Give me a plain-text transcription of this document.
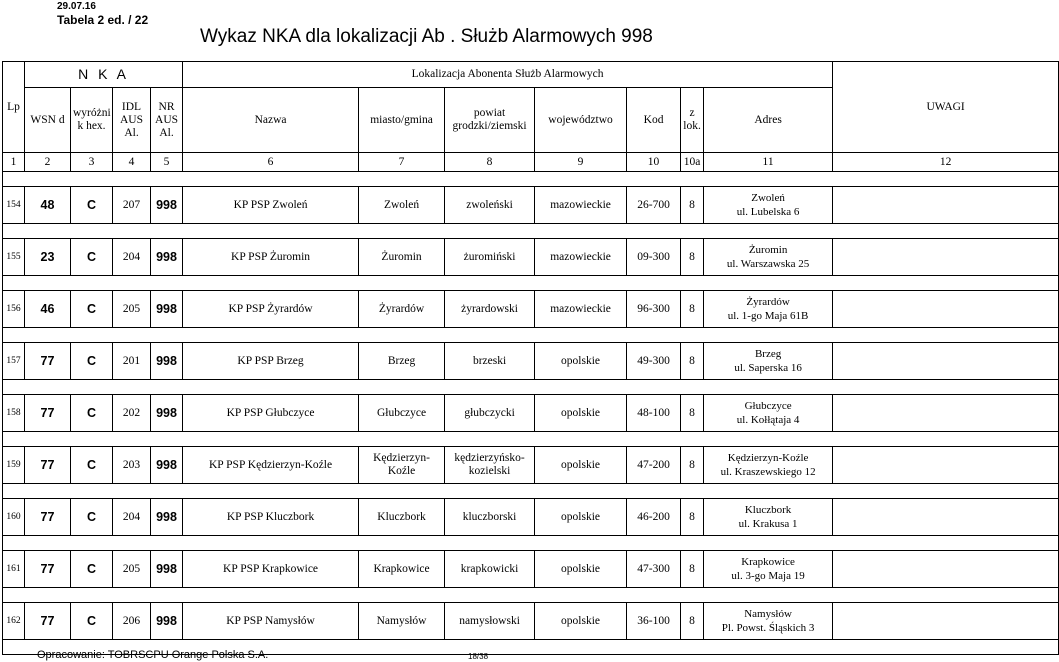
29.07.16
Tabela 2 ed. / 22
Wykaz NKA dla lokalizacji Ab . Służb Alarmowych 998
Lp	N K A				Lokalizacja Abonenta Służb Alarmowych							UWAGI
	WSN d	wyróżni k hex.	IDL AUS Al.	NR AUS Al.	Nazwa	miasto/gmina	powiat grodzki/ziemski	województwo	Kod	z lok.	Adres	
1	2	3	4	5	6	7	8	9	10	10a	11	12

154	48	C	207	998	KP PSP Zwoleń	Zwoleń	zwoleński	mazowieckie	26-700	8	Zwoleń
ul. Lubelska 6	

155	23	C	204	998	KP PSP Żuromin	Żuromin	żuromiński	mazowieckie	09-300	8	Żuromin
ul. Warszawska 25	

156	46	C	205	998	KP PSP Żyrardów	Żyrardów	żyrardowski	mazowieckie	96-300	8	Żyrardów
ul. 1-go Maja 61B	

157	77	C	201	998	KP PSP Brzeg	Brzeg	brzeski	opolskie	49-300	8	Brzeg
ul. Saperska 16	

158	77	C	202	998	KP PSP Głubczyce	Głubczyce	głubczycki	opolskie	48-100	8	Głubczyce
ul. Kołłątaja 4	

159	77	C	203	998	KP PSP Kędzierzyn-Koźle	Kędzierzyn-Koźle	kędzierzyńsko-kozielski	opolskie	47-200	8	Kędzierzyn-Koźle
ul. Kraszewskiego 12	

160	77	C	204	998	KP PSP Kluczbork	Kluczbork	kluczborski	opolskie	46-200	8	Kluczbork
ul. Krakusa 1	

161	77	C	205	998	KP PSP Krapkowice	Krapkowice	krapkowicki	opolskie	47-300	8	Krapkowice
ul. 3-go Maja 19	

162	77	C	206	998	KP PSP Namysłów	Namysłów	namysłowski	opolskie	36-100	8	Namysłów
Pl. Powst. Śląskich 3	

Opracowanie: TOBRSCPU Orange Polska S.A.	18/38
